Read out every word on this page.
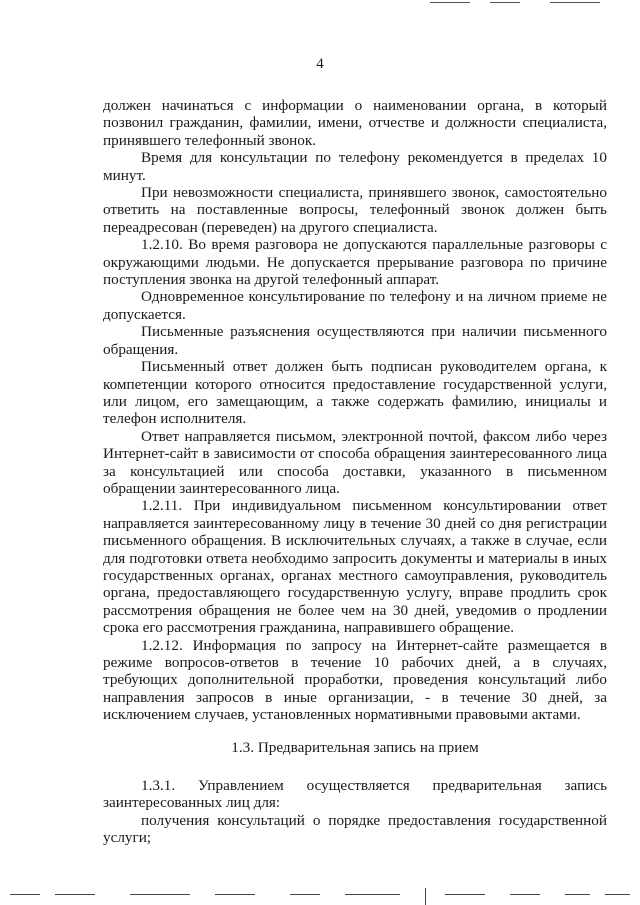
4

должен начинаться с информации о наименовании органа, в который позвонил гражданин, фамилии, имени, отчестве и должности специалиста, принявшего телефонный звонок.

Время для консультации по телефону рекомендуется в пределах 10 минут.

При невозможности специалиста, принявшего звонок, самостоятельно ответить на поставленные вопросы, телефонный звонок должен быть переадресован (переведен) на другого специалиста.

1.2.10. Во время разговора не допускаются параллельные разговоры с окружающими людьми. Не допускается прерывание разговора по причине поступления звонка на другой телефонный аппарат.

Одновременное консультирование по телефону и на личном приеме не допускается.

Письменные разъяснения осуществляются при наличии письменного обращения.

Письменный ответ должен быть подписан руководителем органа, к компетенции которого относится предоставление государственной услуги, или лицом, его замещающим, а также содержать фамилию, инициалы и телефон исполнителя.

Ответ направляется письмом, электронной почтой, факсом либо через Интернет-сайт в зависимости от способа обращения заинтересованного лица за консультацией или способа доставки, указанного в письменном обращении заинтересованного лица.

1.2.11. При индивидуальном письменном консультировании ответ направляется заинтересованному лицу в течение 30 дней со дня регистрации письменного обращения. В исключительных случаях, а также в случае, если для подготовки ответа необходимо запросить документы и материалы в иных государственных органах, органах местного самоуправления, руководитель органа, предоставляющего государственную услугу, вправе продлить срок рассмотрения обращения не более чем на 30 дней, уведомив о продлении срока его рассмотрения гражданина, направившего обращение.

1.2.12. Информация по запросу на Интернет-сайте размещается в режиме вопросов-ответов в течение 10 рабочих дней, а в случаях, требующих дополнительной проработки, проведения консультаций либо направления запросов в иные организации, - в течение 30 дней, за исключением случаев, установленных нормативными правовыми актами.

1.3. Предварительная запись на прием

1.3.1. Управлением осуществляется предварительная запись заинтересованных лиц для:

получения консультаций о порядке предоставления государственной услуги;
